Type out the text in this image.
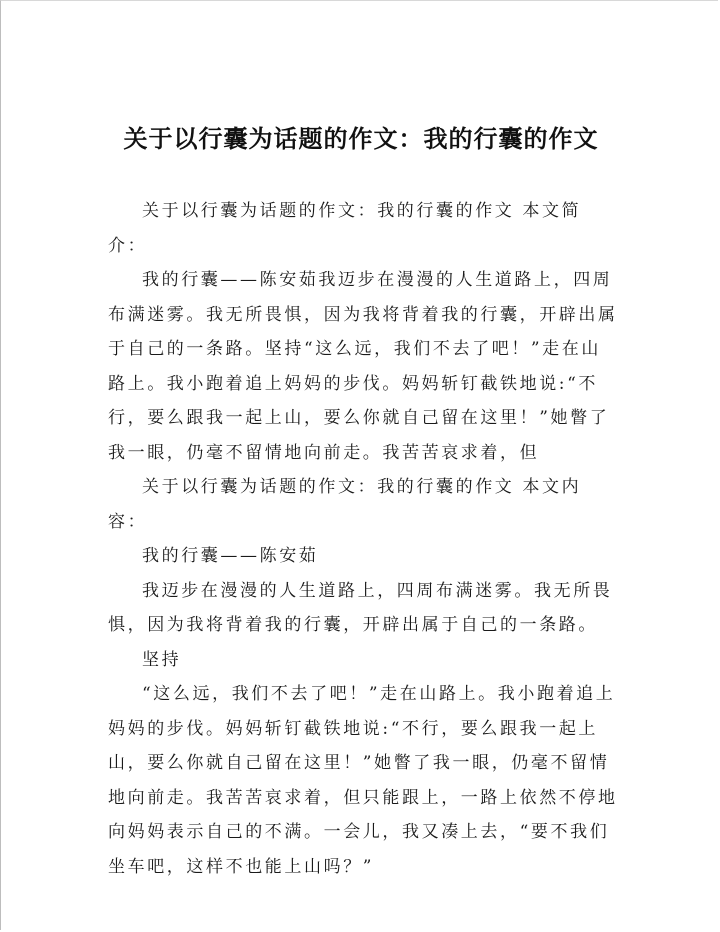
关于以行囊为话题的作文：我的行囊的作文

关于以行囊为话题的作文：我的行囊的作文 本文简介：

我的行囊——陈安茹我迈步在漫漫的人生道路上，四周布满迷雾。我无所畏惧，因为我将背着我的行囊，开辟出属于自己的一条路。坚持“这么远，我们不去了吧！”走在山路上。我小跑着追上妈妈的步伐。妈妈斩钉截铁地说:“不行，要么跟我一起上山，要么你就自己留在这里！”她瞥了我一眼，仍毫不留情地向前走。我苦苦哀求着，但

关于以行囊为话题的作文：我的行囊的作文 本文内容：

我的行囊——陈安茹

我迈步在漫漫的人生道路上，四周布满迷雾。我无所畏惧，因为我将背着我的行囊，开辟出属于自己的一条路。

坚持

“这么远，我们不去了吧！”走在山路上。我小跑着追上妈妈的步伐。妈妈斩钉截铁地说:“不行，要么跟我一起上山，要么你就自己留在这里！”她瞥了我一眼，仍毫不留情地向前走。我苦苦哀求着，但只能跟上，一路上依然不停地向妈妈表示自己的不满。一会儿，我又凑上去，“要不我们坐车吧，这样不也能上山吗？”
